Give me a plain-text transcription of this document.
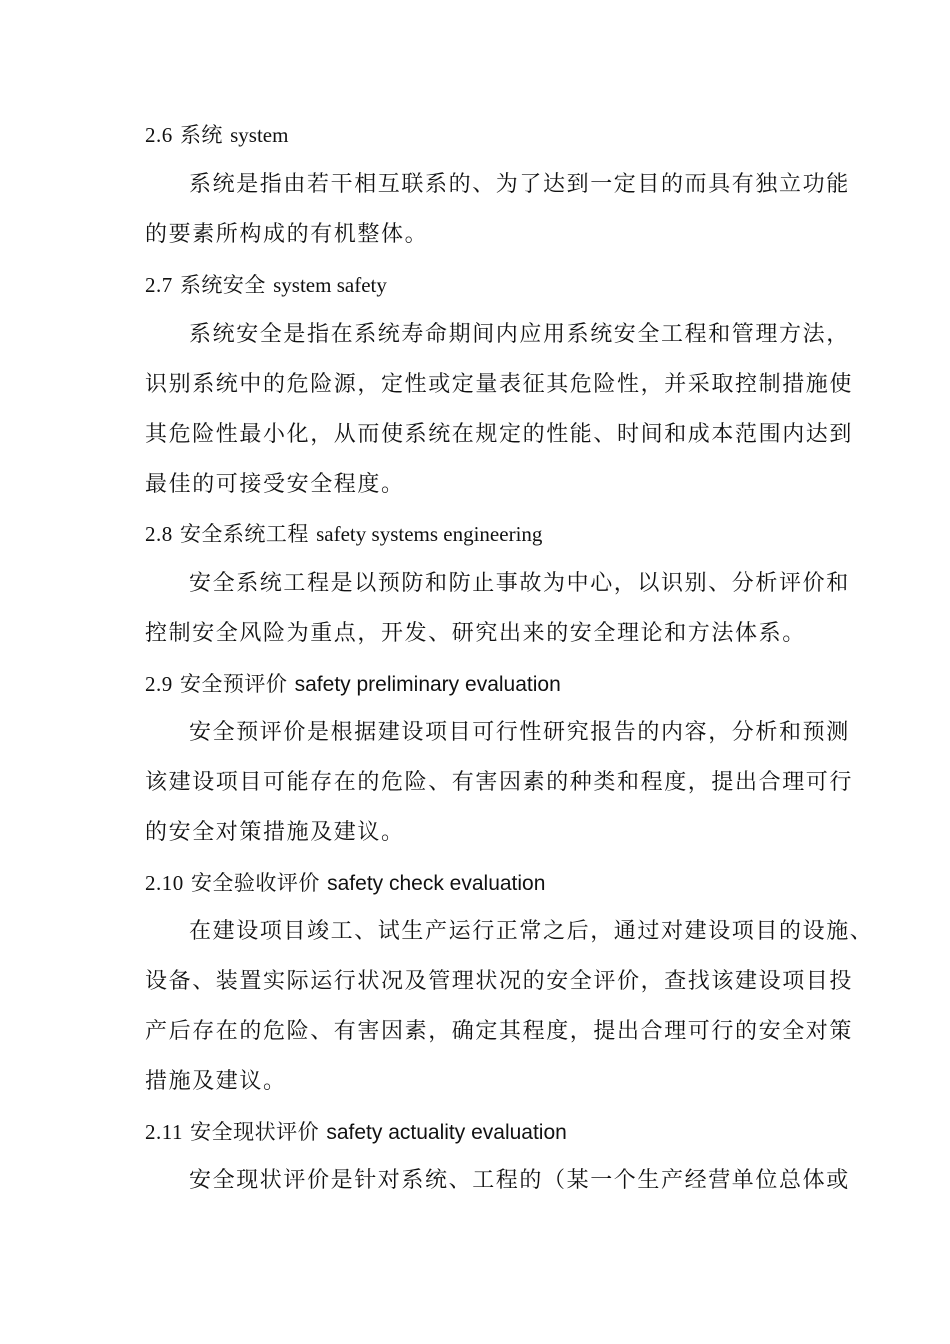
2.6 系统 system
系统是指由若干相互联系的、为了达到一定目的而具有独立功能
的要素所构成的有机整体。
2.7 系统安全 system safety
系统安全是指在系统寿命期间内应用系统安全工程和管理方法，
识别系统中的危险源，定性或定量表征其危险性，并采取控制措施使
其危险性最小化，从而使系统在规定的性能、时间和成本范围内达到
最佳的可接受安全程度。
2.8 安全系统工程 safety systems engineering
安全系统工程是以预防和防止事故为中心，以识别、分析评价和
控制安全风险为重点，开发、研究出来的安全理论和方法体系。
2.9 安全预评价 safety preliminary evaluation
安全预评价是根据建设项目可行性研究报告的内容，分析和预测
该建设项目可能存在的危险、有害因素的种类和程度，提出合理可行
的安全对策措施及建议。
2.10 安全验收评价 safety check evaluation
在建设项目竣工、试生产运行正常之后，通过对建设项目的设施、
设备、装置实际运行状况及管理状况的安全评价，查找该建设项目投
产后存在的危险、有害因素，确定其程度，提出合理可行的安全对策
措施及建议。
2.11 安全现状评价 safety actuality evaluation
安全现状评价是针对系统、工程的（某一个生产经营单位总体或
